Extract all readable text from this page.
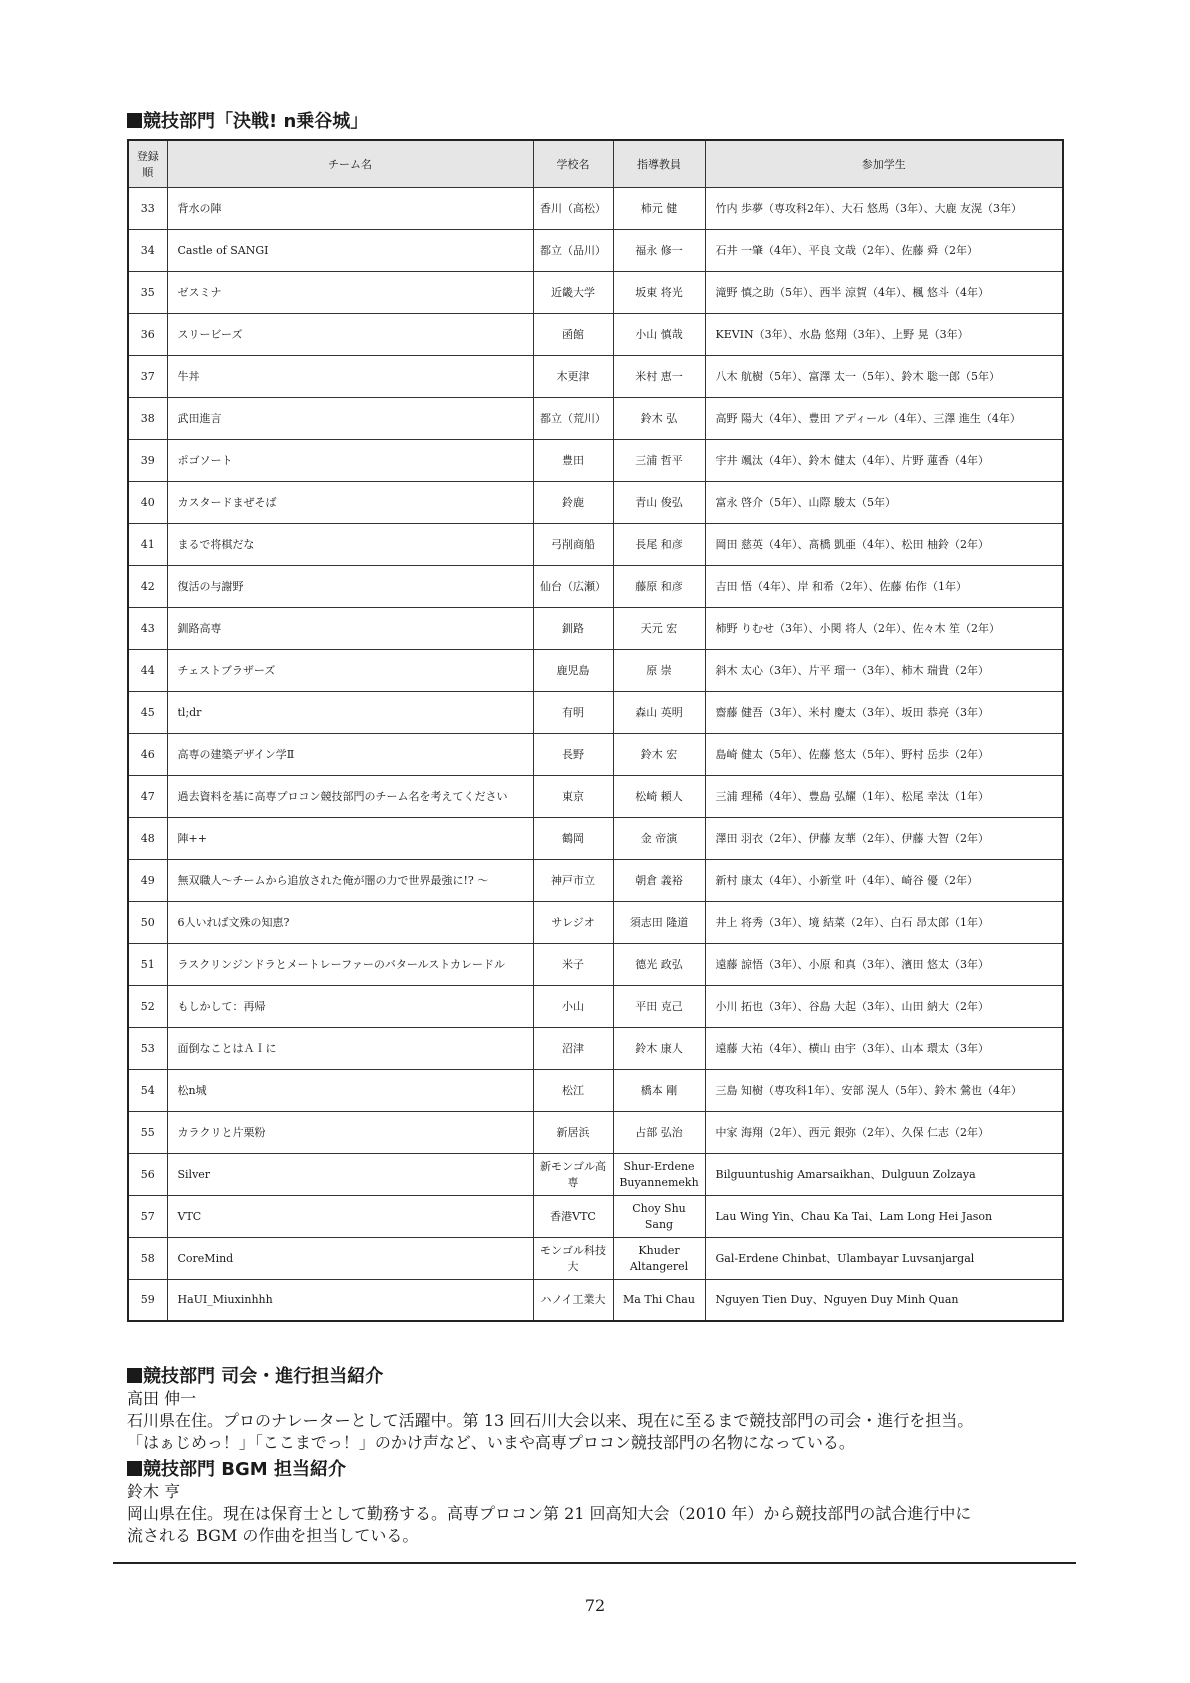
競技部門「決戦! n乗谷城」
登録順	チーム名	学校名	指導教員	参加学生
33	背水の陣	香川（高松）	柿元 健	竹内 歩夢（専攻科2年）、大石 悠馬（3年）、大鹿 友滉（3年）
34	Castle of SANGI	都立（品川）	福永 修一	石井 一肇（4年）、平良 文哉（2年）、佐藤 舜（2年）
35	ゼスミナ	近畿大学	坂東 将光	滝野 慎之助（5年）、西半 涼賀（4年）、楓 悠斗（4年）
36	スリービーズ	函館	小山 慎哉	KEVIN（3年）、水島 悠翔（3年）、上野 晃（3年）
37	牛丼	木更津	米村 恵一	八木 航樹（5年）、富澤 太一（5年）、鈴木 聡一郎（5年）
38	武田進言	都立（荒川）	鈴木 弘	高野 陽大（4年）、豊田 アディール（4年）、三澤 進生（4年）
39	ポゴソート	豊田	三浦 哲平	宇井 颯汰（4年）、鈴木 健太（4年）、片野 蓮香（4年）
40	カスタードまぜそば	鈴鹿	青山 俊弘	富永 啓介（5年）、山際 駿太（5年）
41	まるで将棋だな	弓削商船	長尾 和彦	岡田 慈英（4年）、髙橋 凱亜（4年）、松田 柚鈴（2年）
42	復活の与謝野	仙台（広瀬）	藤原 和彦	吉田 悟（4年）、岸 和希（2年）、佐藤 佑作（1年）
43	釧路高専	釧路	天元 宏	柿野 りむせ（3年）、小関 将人（2年）、佐々木 笙（2年）
44	チェストブラザーズ	鹿児島	原 崇	斜木 太心（3年）、片平 瑠一（3年）、柿木 瑞貴（2年）
45	tl;dr	有明	森山 英明	齋藤 健吾（3年）、米村 慶太（3年）、坂田 恭亮（3年）
46	高専の建築デザイン学Ⅱ	長野	鈴木 宏	島崎 健太（5年）、佐藤 悠太（5年）、野村 岳歩（2年）
47	過去資料を基に高専プロコン競技部門のチーム名を考えてください	東京	松崎 頼人	三浦 理稀（4年）、豊島 弘耀（1年）、松尾 幸汰（1年）
48	陣++	鶴岡	金 帝演	澤田 羽衣（2年）、伊藤 友華（2年）、伊藤 大智（2年）
49	無双職人～チームから追放された俺が闇の力で世界最強に!? ～	神戸市立	朝倉 義裕	新村 康太（4年）、小新堂 叶（4年）、崎谷 優（2年）
50	6人いれば文殊の知恵?	サレジオ	須志田 隆道	井上 将秀（3年）、境 結菜（2年）、白石 昂太郎（1年）
51	ラスクリンジンドラとメートレーファーのバタールストカレードル	米子	德光 政弘	遠藤 諒悟（3年）、小原 和真（3年）、濱田 悠太（3年）
52	もしかして：再帰	小山	平田 克己	小川 拓也（3年）、谷島 大起（3年）、山田 納大（2年）
53	面倒なことはＡＩに	沼津	鈴木 康人	遠藤 大祐（4年）、横山 由宇（3年）、山本 環太（3年）
54	松n城	松江	橋本 剛	三島 知樹（専攻科1年）、安部 滉人（5年）、鈴木 鶯也（4年）
55	カラクリと片栗粉	新居浜	占部 弘治	中家 海翔（2年）、西元 銀弥（2年）、久保 仁志（2年）
56	Silver	新モンゴル高専	Shur-Erdene Buyannemekh	Bilguuntushig Amarsaikhan、Dulguun Zolzaya
57	VTC	香港VTC	Choy Shu Sang	Lau Wing Yin、Chau Ka Tai、Lam Long Hei Jason
58	CoreMind	モンゴル科技大	Khuder Altangerel	Gal-Erdene Chinbat、Ulambayar Luvsanjargal
59	HaUI_Miuxinhhh	ハノイ工業大	Ma Thi Chau	Nguyen Tien Duy、Nguyen Duy Minh Quan
競技部門 司会・進行担当紹介
高田 伸一
石川県在住。プロのナレーターとして活躍中。第 13 回石川大会以来、現在に至るまで競技部門の司会・進行を担当。
「はぁじめっ！」「ここまでっ！」のかけ声など、いまや高専プロコン競技部門の名物になっている。
競技部門 BGM 担当紹介
鈴木 亨
岡山県在住。現在は保育士として勤務する。高専プロコン第 21 回高知大会（2010 年）から競技部門の試合進行中に
流される BGM の作曲を担当している。
72
